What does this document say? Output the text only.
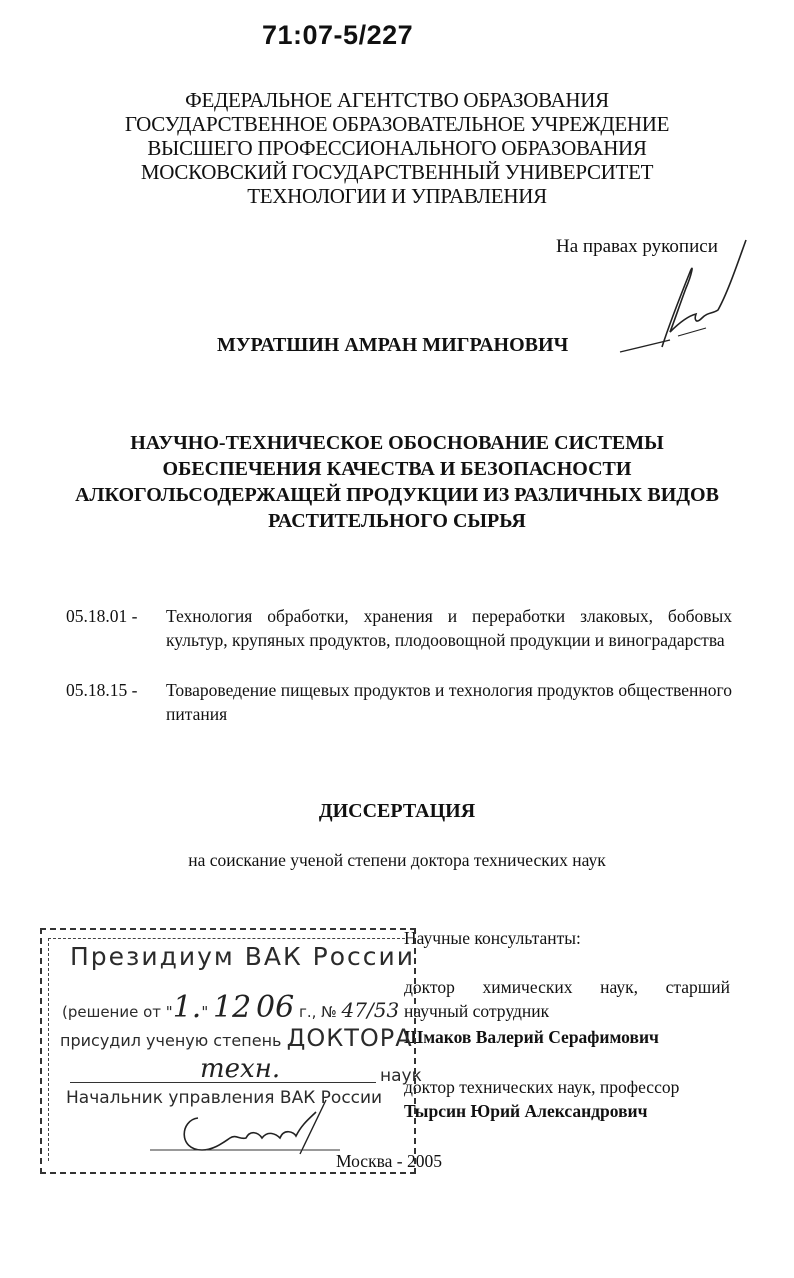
71:07-5/227
ФЕДЕРАЛЬНОЕ АГЕНТСТВО ОБРАЗОВАНИЯ
ГОСУДАРСТВЕННОЕ ОБРАЗОВАТЕЛЬНОЕ УЧРЕЖДЕНИЕ
ВЫСШЕГО ПРОФЕССИОНАЛЬНОГО ОБРАЗОВАНИЯ
МОСКОВСКИЙ ГОСУДАРСТВЕННЫЙ УНИВЕРСИТЕТ
ТЕХНОЛОГИИ И УПРАВЛЕНИЯ
На правах рукописи
МУРАТШИН АМРАН МИГРАНОВИЧ
НАУЧНО-ТЕХНИЧЕСКОЕ ОБОСНОВАНИЕ СИСТЕМЫ
ОБЕСПЕЧЕНИЯ КАЧЕСТВА И БЕЗОПАСНОСТИ
АЛКОГОЛЬСОДЕРЖАЩЕЙ ПРОДУКЦИИ ИЗ РАЗЛИЧНЫХ ВИДОВ
РАСТИТЕЛЬНОГО СЫРЬЯ
05.18.01 -	Технология обработки, хранения и переработки злаковых, бобовых культур, крупяных продуктов, плодоовощной продукции и виноградарства
05.18.15 -	Товароведение пищевых продуктов и технология продуктов общественного питания
ДИССЕРТАЦИЯ
на соискание ученой степени доктора технических наук
Научные консультанты:
доктор химических наук, старший
научный сотрудник
Шмаков Валерий Серафимович
доктор технических наук, профессор
Тырсин Юрий Александрович
Москва - 2005
Президиум ВАК России
(решение от "1." 12 06 г., № 47/53
присудил ученую степень ДОКТОРА
техн.	наук
Начальник управления ВАК России
